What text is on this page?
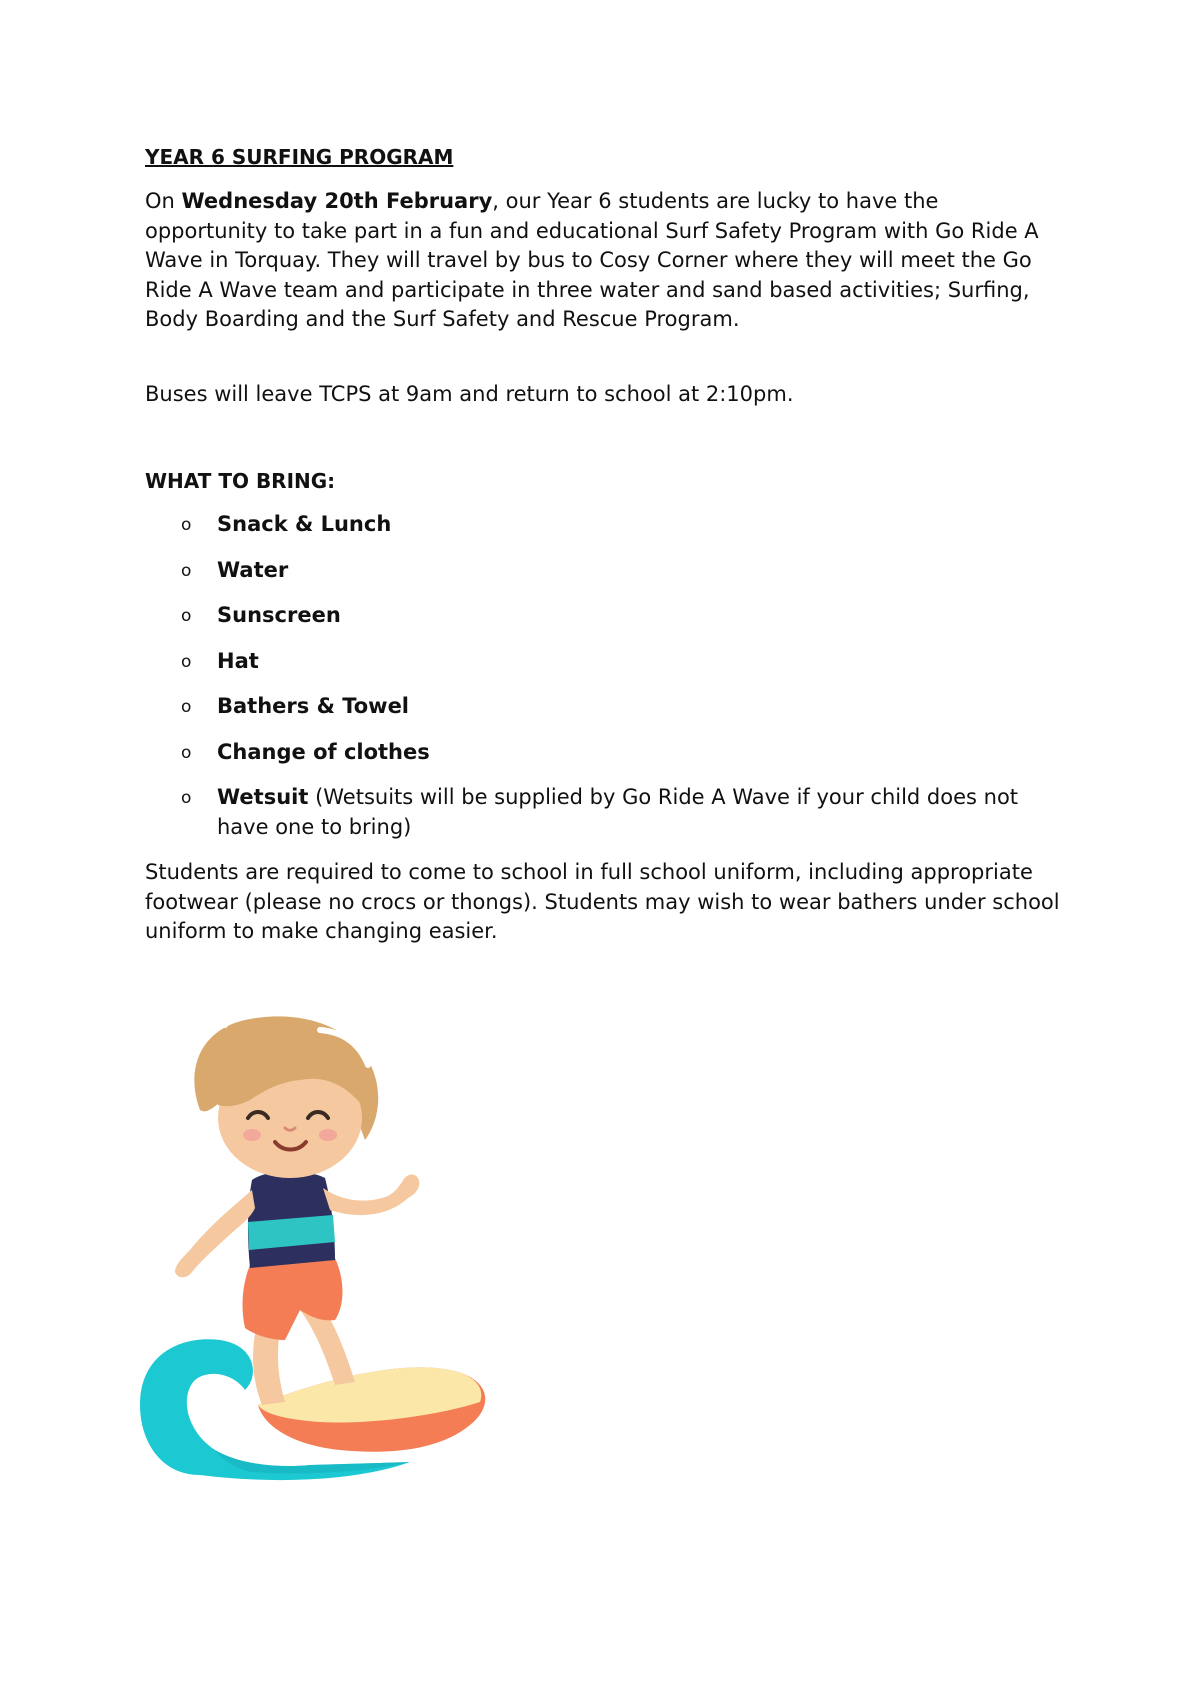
YEAR 6 SURFING PROGRAM

On Wednesday 20th February, our Year 6 students are lucky to have the opportunity to take part in a fun and educational Surf Safety Program with Go Ride A Wave in Torquay. They will travel by bus to Cosy Corner where they will meet the Go Ride A Wave team and participate in three water and sand based activities; Surfing, Body Boarding and the Surf Safety and Rescue Program.

Buses will leave TCPS at 9am and return to school at 2:10pm.

WHAT TO BRING:
o Snack & Lunch
o Water
o Sunscreen
o Hat
o Bathers & Towel
o Change of clothes
o Wetsuit (Wetsuits will be supplied by Go Ride A Wave if your child does not have one to bring)

Students are required to come to school in full school uniform, including appropriate footwear (please no crocs or thongs). Students may wish to wear bathers under school uniform to make changing easier.
